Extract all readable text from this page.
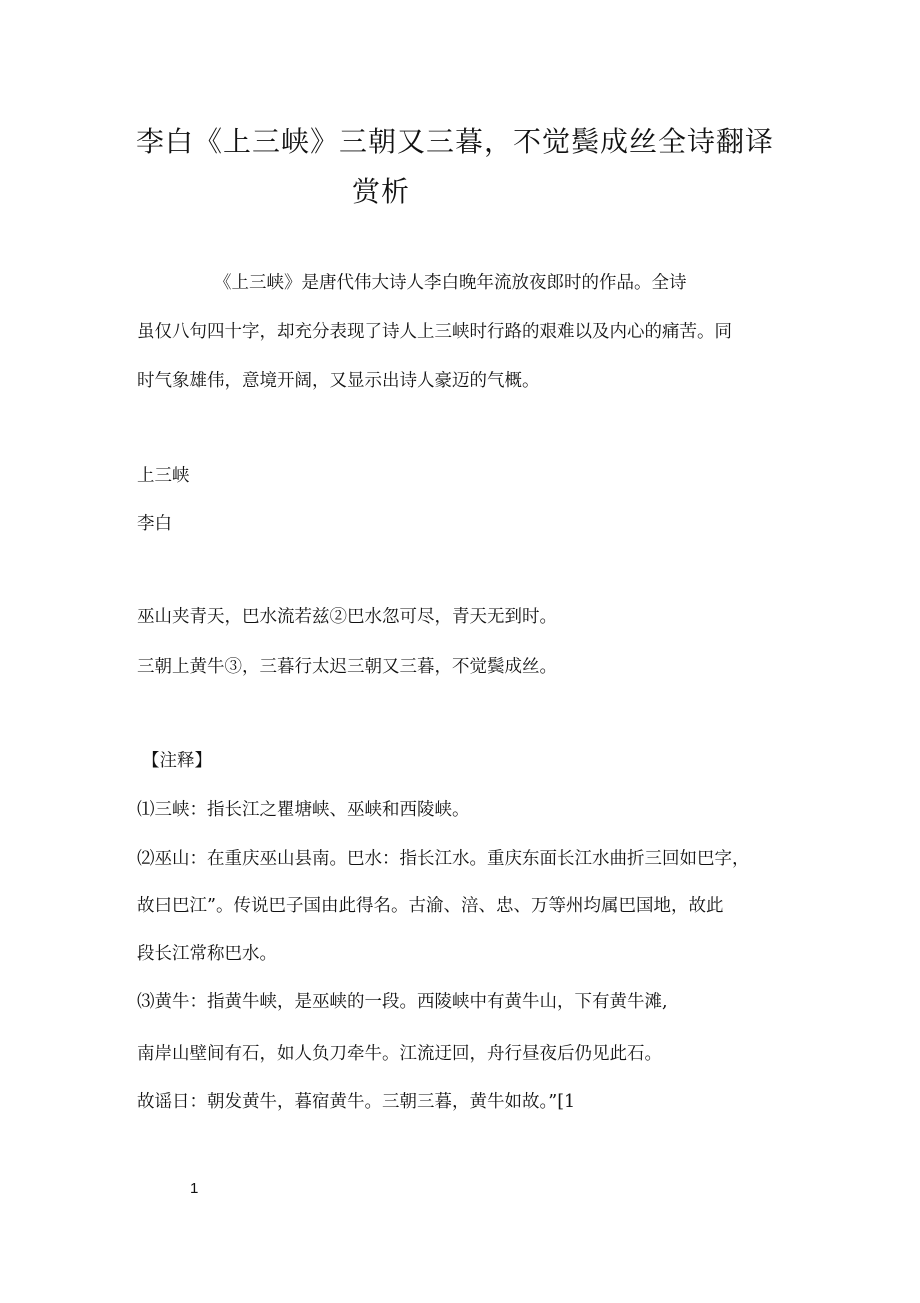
李白《上三峡》三朝又三暮，不觉鬓成丝全诗翻译
赏析
《上三峡》是唐代伟大诗人李白晚年流放夜郎时的作品。全诗
虽仅八句四十字，却充分表现了诗人上三峡时行路的艰难以及内心的痛苦。同
时气象雄伟，意境开阔，又显示出诗人豪迈的气概。
上三峡
李白
巫山夹青天，巴水流若兹②巴水忽可尽，青天无到时。
三朝上黄牛③，三暮行太迟三朝又三暮，不觉鬓成丝。
【注释】
⑴三峡：指长江之瞿塘峡、巫峡和西陵峡。
⑵巫山：在重庆巫山县南。巴水：指长江水。重庆东面长江水曲折三回如巴字，
故曰巴江”。传说巴子国由此得名。古渝、涪、忠、万等州均属巴国地，故此
段长江常称巴水。
⑶黄牛：指黄牛峡，是巫峡的一段。西陵峡中有黄牛山，下有黄牛滩,
南岸山壁间有石，如人负刀牵牛。江流迂回，舟行昼夜后仍见此石。
故谣日：朝发黄牛，暮宿黄牛。三朝三暮，黄牛如故。”[1
1
